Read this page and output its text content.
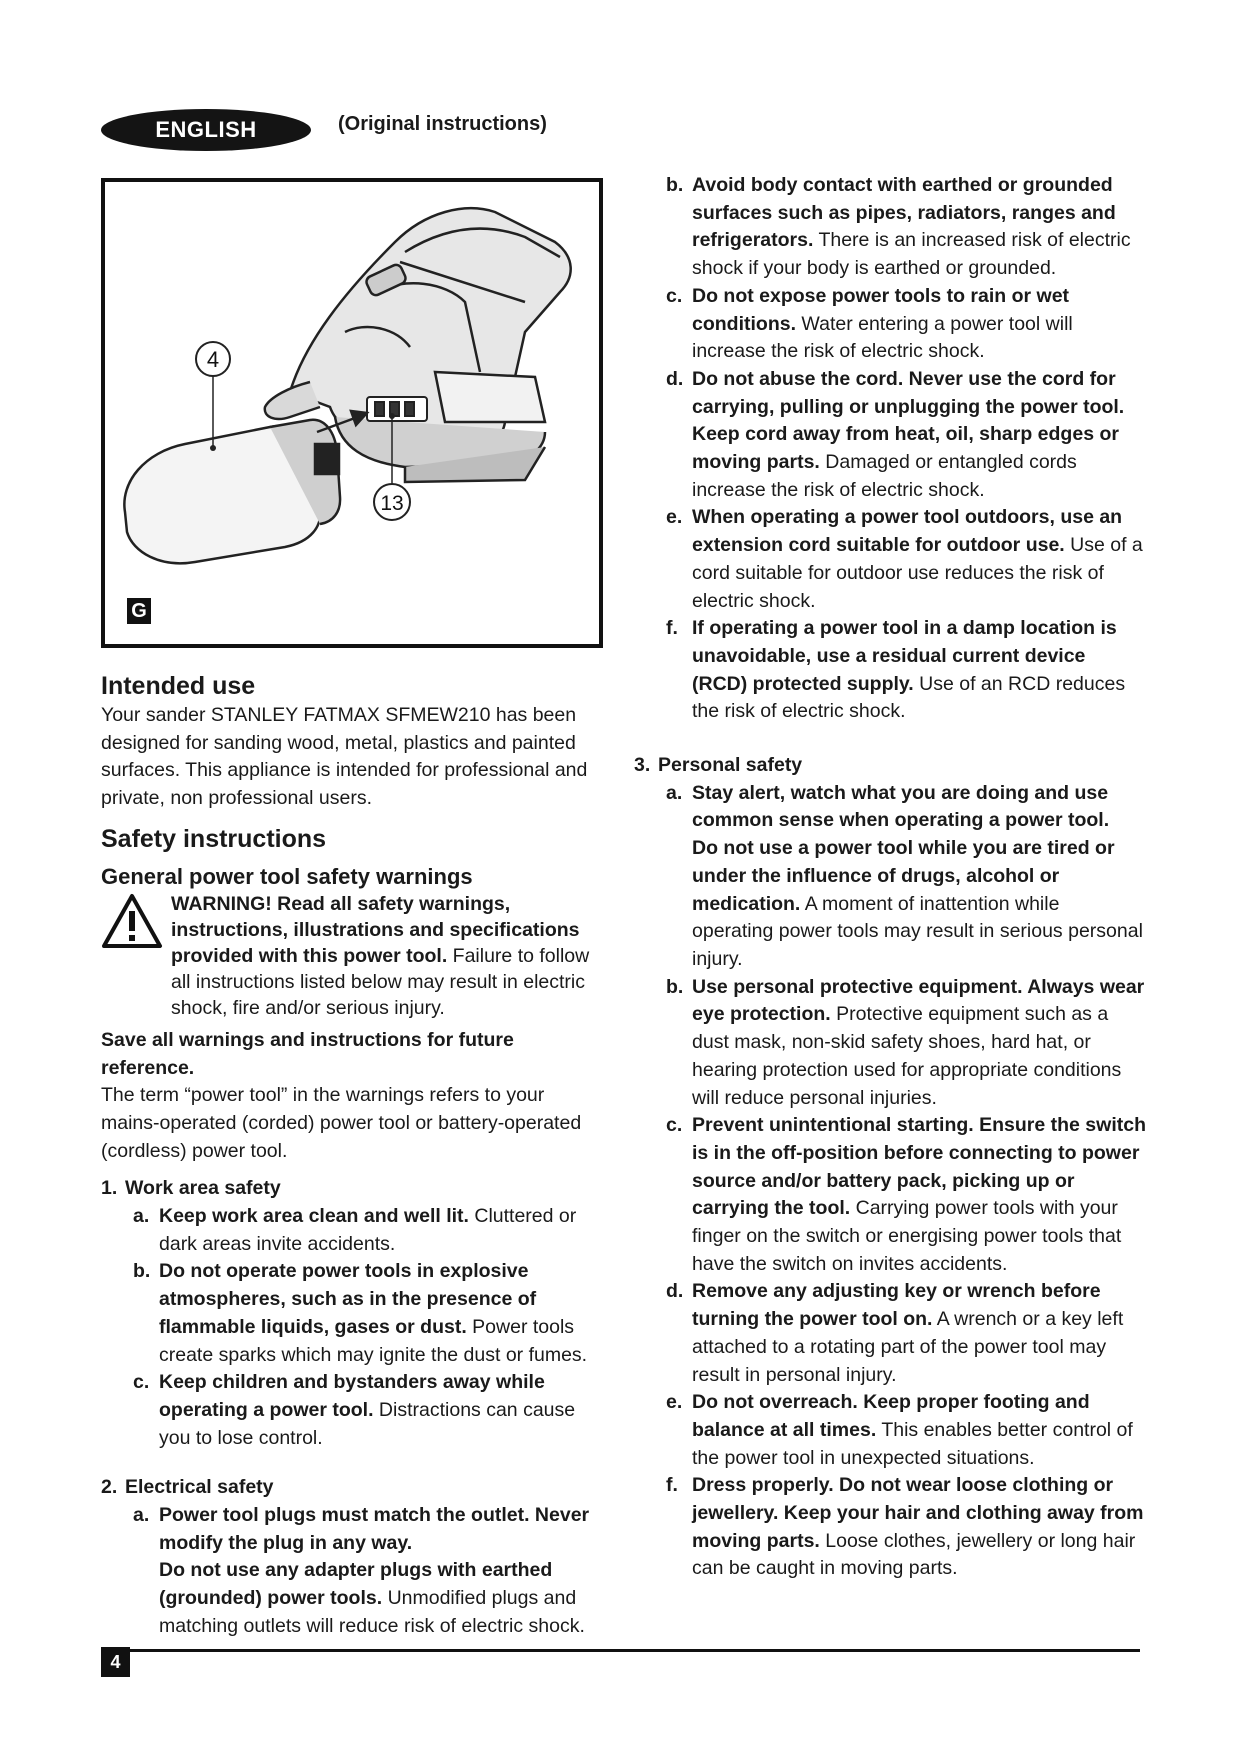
ENGLISH	(Original instructions)
4
13
G
Intended use

Your sander STANLEY FATMAX SFMEW210 has been designed for sanding wood, metal, plastics and painted surfaces. This appliance is intended for professional and private, non professional users.

Safety instructions
General power tool safety warnings
WARNING! Read all safety warnings, instructions, illustrations and specifications provided with this power tool. Failure to follow all instructions listed below may result in electric shock, fire and/or serious injury.

Save all warnings and instructions for future reference.

The term “power tool” in the warnings refers to your mains-operated (corded) power tool or battery-operated (cordless) power tool.

1. Work area safety
a. Keep work area clean and well lit. Cluttered or dark areas invite accidents.
b. Do not operate power tools in explosive atmospheres, such as in the presence of flammable liquids, gases or dust. Power tools create sparks which may ignite the dust or fumes.
c. Keep children and bystanders away while operating a power tool. Distractions can cause you to lose control.
2. Electrical safety
a. Power tool plugs must match the outlet. Never modify the plug in any way.
Do not use any adapter plugs with earthed (grounded) power tools. Unmodified plugs and matching outlets will reduce risk of electric shock.
b. Avoid body contact with earthed or grounded surfaces such as pipes, radiators, ranges and refrigerators. There is an increased risk of electric shock if your body is earthed or grounded.
c. Do not expose power tools to rain or wet conditions. Water entering a power tool will increase the risk of electric shock.
d. Do not abuse the cord. Never use the cord for carrying, pulling or unplugging the power tool. Keep cord away from heat, oil, sharp edges or moving parts. Damaged or entangled cords increase the risk of electric shock.
e. When operating a power tool outdoors, use an extension cord suitable for outdoor use. Use of a cord suitable for outdoor use reduces the risk of electric shock.
f. If operating a power tool in a damp location is unavoidable, use a residual current device (RCD) protected supply. Use of an RCD reduces the risk of electric shock.
3. Personal safety
a. Stay alert, watch what you are doing and use common sense when operating a power tool.
Do not use a power tool while you are tired or under the influence of drugs, alcohol or medication. A moment of inattention while operating power tools may result in serious personal injury.
b. Use personal protective equipment. Always wear eye protection. Protective equipment such as a dust mask, non-skid safety shoes, hard hat, or hearing protection used for appropriate conditions will reduce personal injuries.
c. Prevent unintentional starting. Ensure the switch is in the off-position before connecting to power source and/or battery pack, picking up or carrying the tool. Carrying power tools with your finger on the switch or energising power tools that have the switch on invites accidents.
d. Remove any adjusting key or wrench before turning the power tool on. A wrench or a key left attached to a rotating part of the power tool may result in personal injury.
e. Do not overreach. Keep proper footing and balance at all times. This enables better control of the power tool in unexpected situations.
f. Dress properly. Do not wear loose clothing or jewellery. Keep your hair and clothing away from moving parts. Loose clothes, jewellery or long hair can be caught in moving parts.
4
